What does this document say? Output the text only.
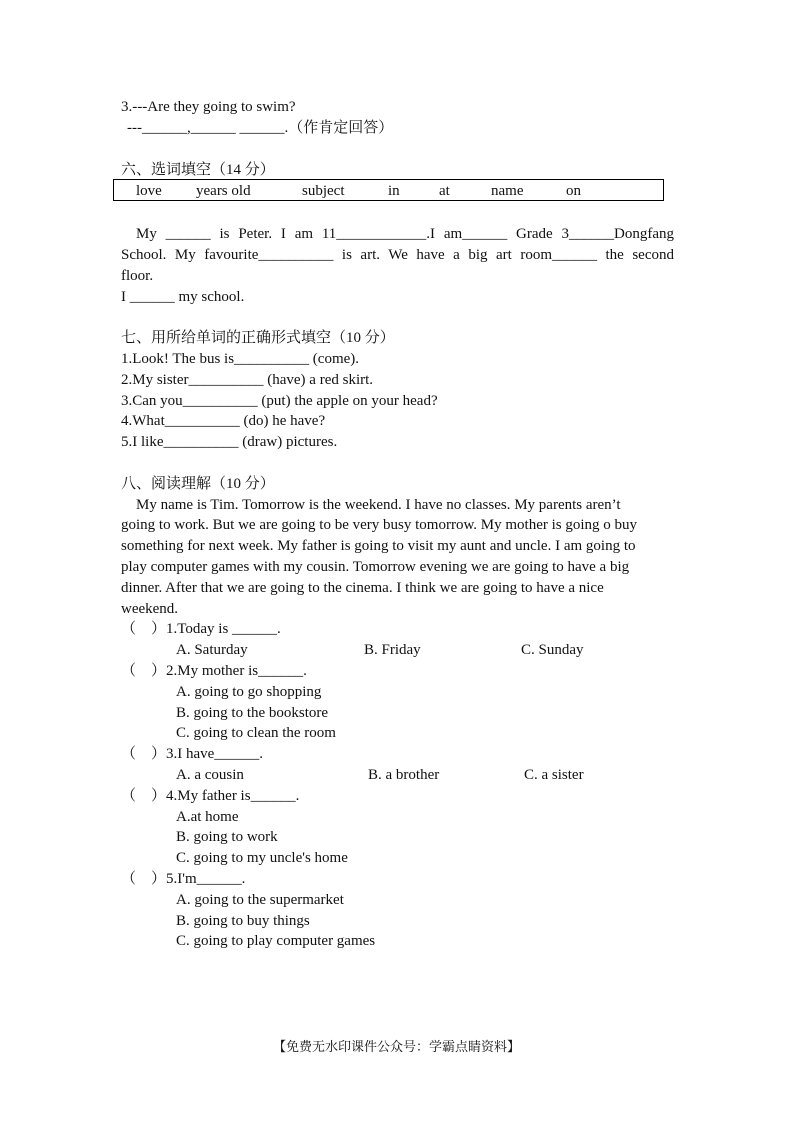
3.---Are they going to swim?
---______,______ ______.（作肯定回答）
六、选词填空（14 分）
love years old	subject	in	at	name	on
My ______ is Peter. I am 11____________.I am______ Grade 3______Dongfang
School. My favourite__________ is art. We have a big art room______ the second
floor.
I ______ my school.
七、用所给单词的正确形式填空（10 分）
1.Look! The bus is__________ (come).
2.My sister__________ (have) a red skirt.
3.Can you__________ (put) the apple on your head?
4.What__________ (do) he have?
5.I like__________ (draw) pictures.
八、阅读理解（10 分）
My name is Tim. Tomorrow is the weekend. I have no classes. My parents aren’t
going to work. But we are going to be very busy tomorrow. My mother is going o buy
something for next week. My father is going to visit my aunt and uncle. I am going to
play computer games with my cousin. Tomorrow evening we are going to have a big
dinner. After that we are going to the cinema. I think we are going to have a nice
weekend.
（    ）1.Today is ______.
A. Saturday	B. Friday	C. Sunday
（    ）2.My mother is______.
A. going to go shopping
B. going to the bookstore
C. going to clean the room
（    ）3.I have______.
A. a cousin	B. a brother	C. a sister
（    ）4.My father is______.
A.at home
B. going to work
C. going to my uncle's home
（    ）5.I'm______.
A. going to the supermarket
B. going to buy things
C. going to play computer games
【免费无水印课件公众号：学霸点睛资料】
